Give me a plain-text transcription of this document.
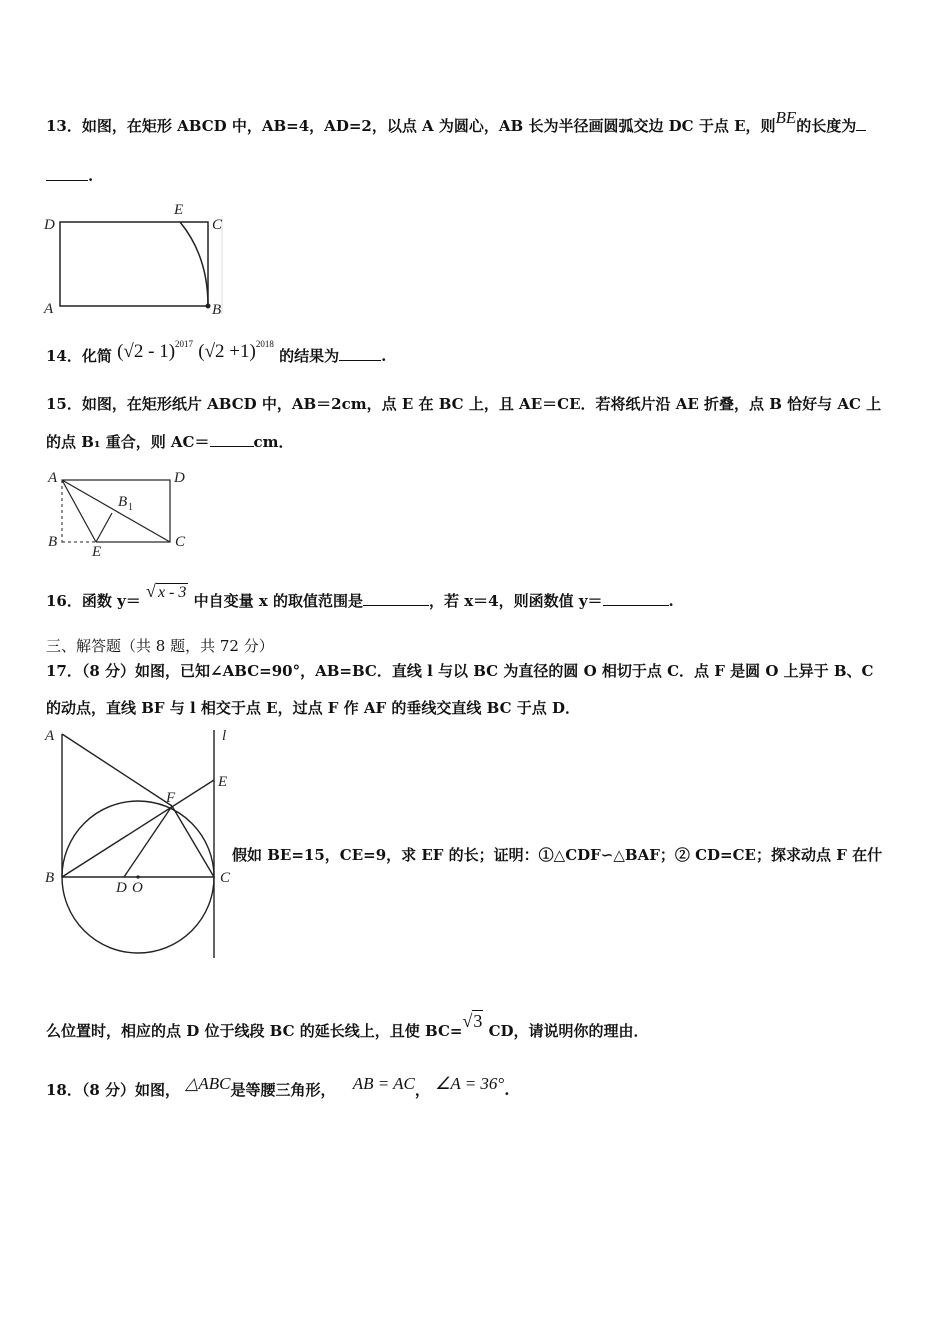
13．如图，在矩形 ABCD 中，AB=4，AD=2，以点 A 为圆心，AB 长为半径画圆弧交边 DC 于点 E，则BE的长度为
.
D
E
C
A	B
14．化简 (√2 - 1)$^{2017}$ $(√2 +1)^{2018}$ 的结果为	.
15．如图，在矩形纸片 ABCD 中，AB＝2cm，点 E 在 BC 上，且 AE＝CE．若将纸片沿 AE 折叠，点 B 恰好与 AC 上
的点 B₁ 重合，则 AC＝	cm．
A	D
B 1
B
E
C
16．函数 y＝ √ x - 3 中自变量 x 的取值范围是	，若 x＝4，则函数值 y＝	.
三、解答题（共 8 题，共 72 分）
17．（8 分）如图，已知∠ABC=90°，AB=BC．直线 l 与以 BC 为直径的圆 O 相切于点 C．点 F 是圆 O 上异于 B、C
的动点，直线 BF 与 l 相交于点 E，过点 F 作 AF 的垂线交直线 BC 于点 D．
A	l
E
F
B
D O
C
假如 BE=15，CE=9，求 EF 的长；证明：①△CDF∽△BAF；② CD=CE；探求动点 F 在什
么位置时，相应的点 D 位于线段 BC 的延长线上，且使 BC=√3 CD，请说明你的理由．
18．（8 分）如图， △ABC是等腰三角形， AB = AC， ∠A = 36°.
